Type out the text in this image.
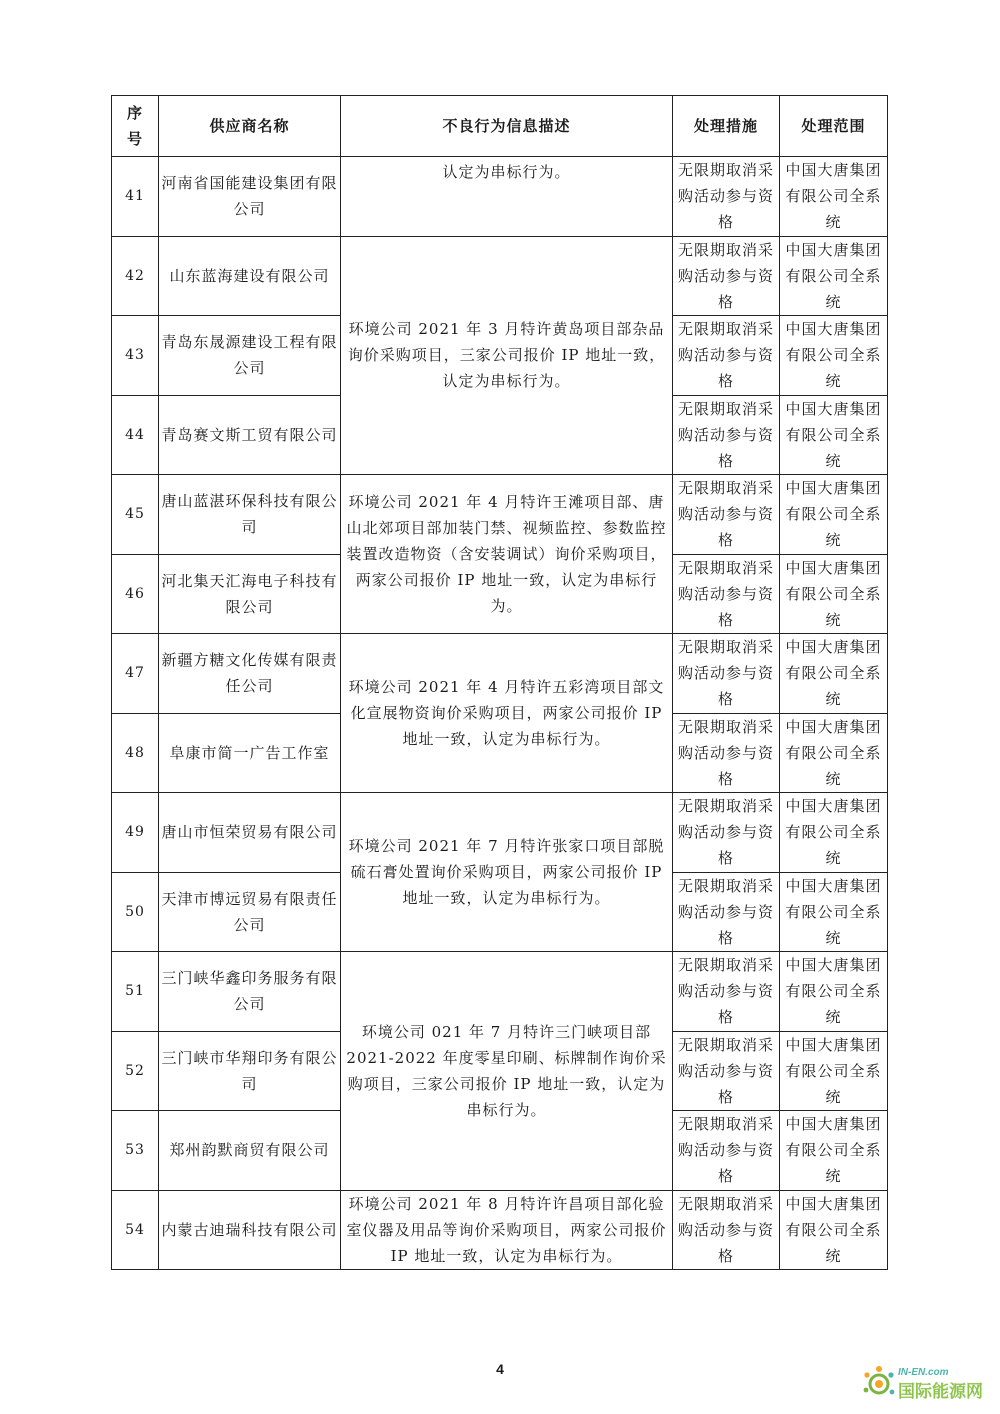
序
号	供应商名称	不良行为信息描述	处理措施	处理范围
41	河南省国能建设集团有限公司	认定为串标行为。	无限期取消采购活动参与资格	中国大唐集团有限公司全系统
42	山东蓝海建设有限公司	环境公司 2021 年 3 月特许黄岛项目部杂品询价采购项目，三家公司报价 IP 地址一致，认定为串标行为。	无限期取消采购活动参与资格	中国大唐集团有限公司全系统
43	青岛东晟源建设工程有限公司		无限期取消采购活动参与资格	中国大唐集团有限公司全系统
44	青岛赛文斯工贸有限公司		无限期取消采购活动参与资格	中国大唐集团有限公司全系统
45	唐山蓝湛环保科技有限公司	环境公司 2021 年 4 月特许王滩项目部、唐山北郊项目部加装门禁、视频监控、参数监控装置改造物资（含安装调试）询价采购项目，两家公司报价 IP 地址一致，认定为串标行为。	无限期取消采购活动参与资格	中国大唐集团有限公司全系统
46	河北集天汇海电子科技有限公司		无限期取消采购活动参与资格	中国大唐集团有限公司全系统
47	新疆方糖文化传媒有限责任公司	环境公司 2021 年 4 月特许五彩湾项目部文化宣展物资询价采购项目，两家公司报价 IP 地址一致，认定为串标行为。	无限期取消采购活动参与资格	中国大唐集团有限公司全系统
48	阜康市简一广告工作室		无限期取消采购活动参与资格	中国大唐集团有限公司全系统
49	唐山市恒荣贸易有限公司	环境公司 2021 年 7 月特许张家口项目部脱硫石膏处置询价采购项目，两家公司报价 IP 地址一致，认定为串标行为。	无限期取消采购活动参与资格	中国大唐集团有限公司全系统
50	天津市博远贸易有限责任公司		无限期取消采购活动参与资格	中国大唐集团有限公司全系统
51	三门峡华鑫印务服务有限公司	环境公司 021 年 7 月特许三门峡项目部 2021-2022 年度零星印刷、标牌制作询价采购项目，三家公司报价 IP 地址一致，认定为串标行为。	无限期取消采购活动参与资格	中国大唐集团有限公司全系统
52	三门峡市华翔印务有限公司		无限期取消采购活动参与资格	中国大唐集团有限公司全系统
53	郑州韵默商贸有限公司		无限期取消采购活动参与资格	中国大唐集团有限公司全系统
54	内蒙古迪瑞科技有限公司	环境公司 2021 年 8 月特许许昌项目部化验室仪器及用品等询价采购项目，两家公司报价 IP 地址一致，认定为串标行为。	无限期取消采购活动参与资格	中国大唐集团有限公司全系统
4	IN-EN.com
国际能源网
